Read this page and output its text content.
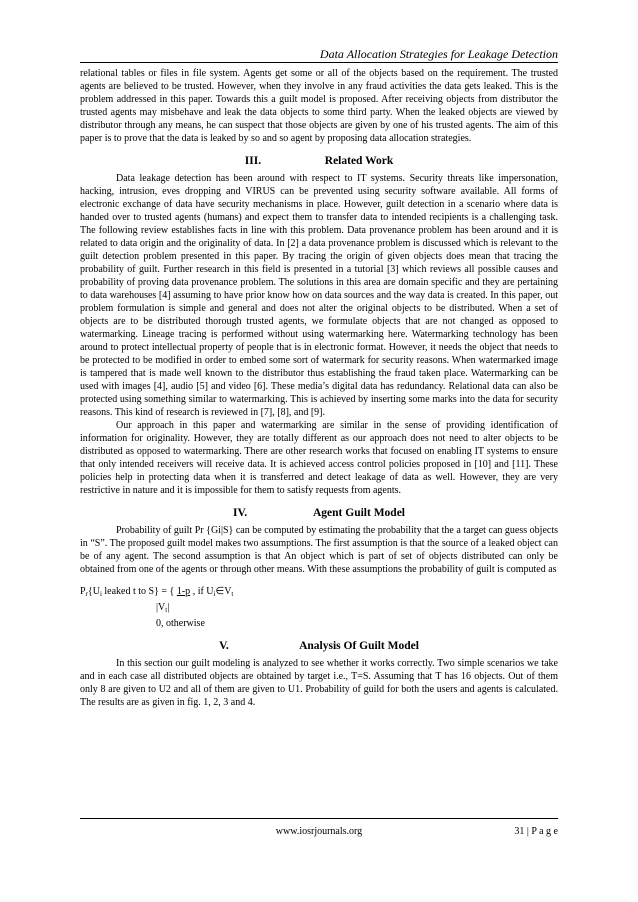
Data Allocation Strategies for Leakage Detection

relational tables or files in file system. Agents get some or all of the objects based on the requirement. The trusted agents are believed to be trusted. However, when they involve in any fraud activities the data gets leaked. This is the problem addressed in this paper. Towards this a guilt model is proposed. After receiving objects from distributor the trusted agents may misbehave and leak the data objects to some third party. When the leaked objects are viewed by distributor through any means, he can suspect that those objects are given by one of his trusted agents. The aim of this paper is to prove that the data is leaked by so and so agent by proposing data allocation strategies.

III.	Related Work

Data leakage detection has been around with respect to IT systems. Security threats like impersonation, hacking, intrusion, eves dropping and VIRUS can be prevented using security software available. All forms of electronic exchange of data have security mechanisms in place. However, guilt detection in a scenario where data is handed over to trusted agents (humans) and expect them to transfer data to intended recipients is a challenging task. The following review establishes facts in line with this problem. Data provenance problem has been around and it is related to data origin and the originality of data. In [2] a data provenance problem is discussed which is relevant to the guilt detection problem presented in this paper. By tracing the origin of given objects does mean that tracing the probability of guilt. Further research in this field is presented in a tutorial [3] which reviews all possible causes and probability of proving data provenance problem. The solutions in this area are domain specific and they are pertaining to data warehouses [4] assuming to have prior know how on data sources and the way data is created. In this paper, out problem formulation is simple and general and does not alter the original objects to be distributed. When a set of objects are to be distributed thorough trusted agents, we formulate objects that are not changed as opposed to watermarking. Lineage tracing is performed without using watermarking here. Watermarking technology has been around to protect intellectual property of people that is in electronic format. However, it needs the object that needs to be protected to be modified in order to embed some sort of watermark for security reasons. When watermarked image is tampered that is made well known to the distributor thus establishing the fraud taken place. Watermarking can be used with images [4], audio [5] and video [6]. These media’s digital data has redundancy. Relational data can also be protected using something similar to watermarking. This is achieved by inserting some marks into the data for security reasons. This kind of research is reviewed in [7], [8], and [9].

Our approach in this paper and watermarking are similar in the sense of providing identification of information for originality. However, they are totally different as our approach does not need to alter objects to be distributed as opposed to watermarking. There are other research works that focused on enabling IT systems to ensure that only intended receivers will receive data. It is achieved access control policies proposed in [10] and [11]. These policies help in protecting data when it is transferred and detect leakage of data as well. However, they are very restrictive in nature and it is impossible for them to satisfy requests from agents.

IV.	Agent Guilt Model

Probability of guilt Pr {Gi|S} can be computed by estimating the probability that the a target can guess objects in “S”. The proposed guilt model makes two assumptions. The first assumption is that the source of a leaked object can be of any agent. The second assumption is that An object which is part of set of objects distributed can only be obtained from one of the agents or through other means. With these assumptions the probability of guilt is computed as

$P_r\{U_i$ leaked t to S} = { 1-p , if $U_i\in V_t$
$|V_t|$
0, otherwise
V.	Analysis Of Guilt Model

In this section our guilt modeling is analyzed to see whether it works correctly. Two simple scenarios we take and in each case all distributed objects are obtained by target i.e., T=S. Assuming that T has 16 objects. Out of them only 8 are given to U2 and all of them are given to U1. Probability of guild for both the users and agents is calculated. The results are as given in fig. 1, 2, 3 and 4.

www.iosrjournals.org	31 | P a g e
